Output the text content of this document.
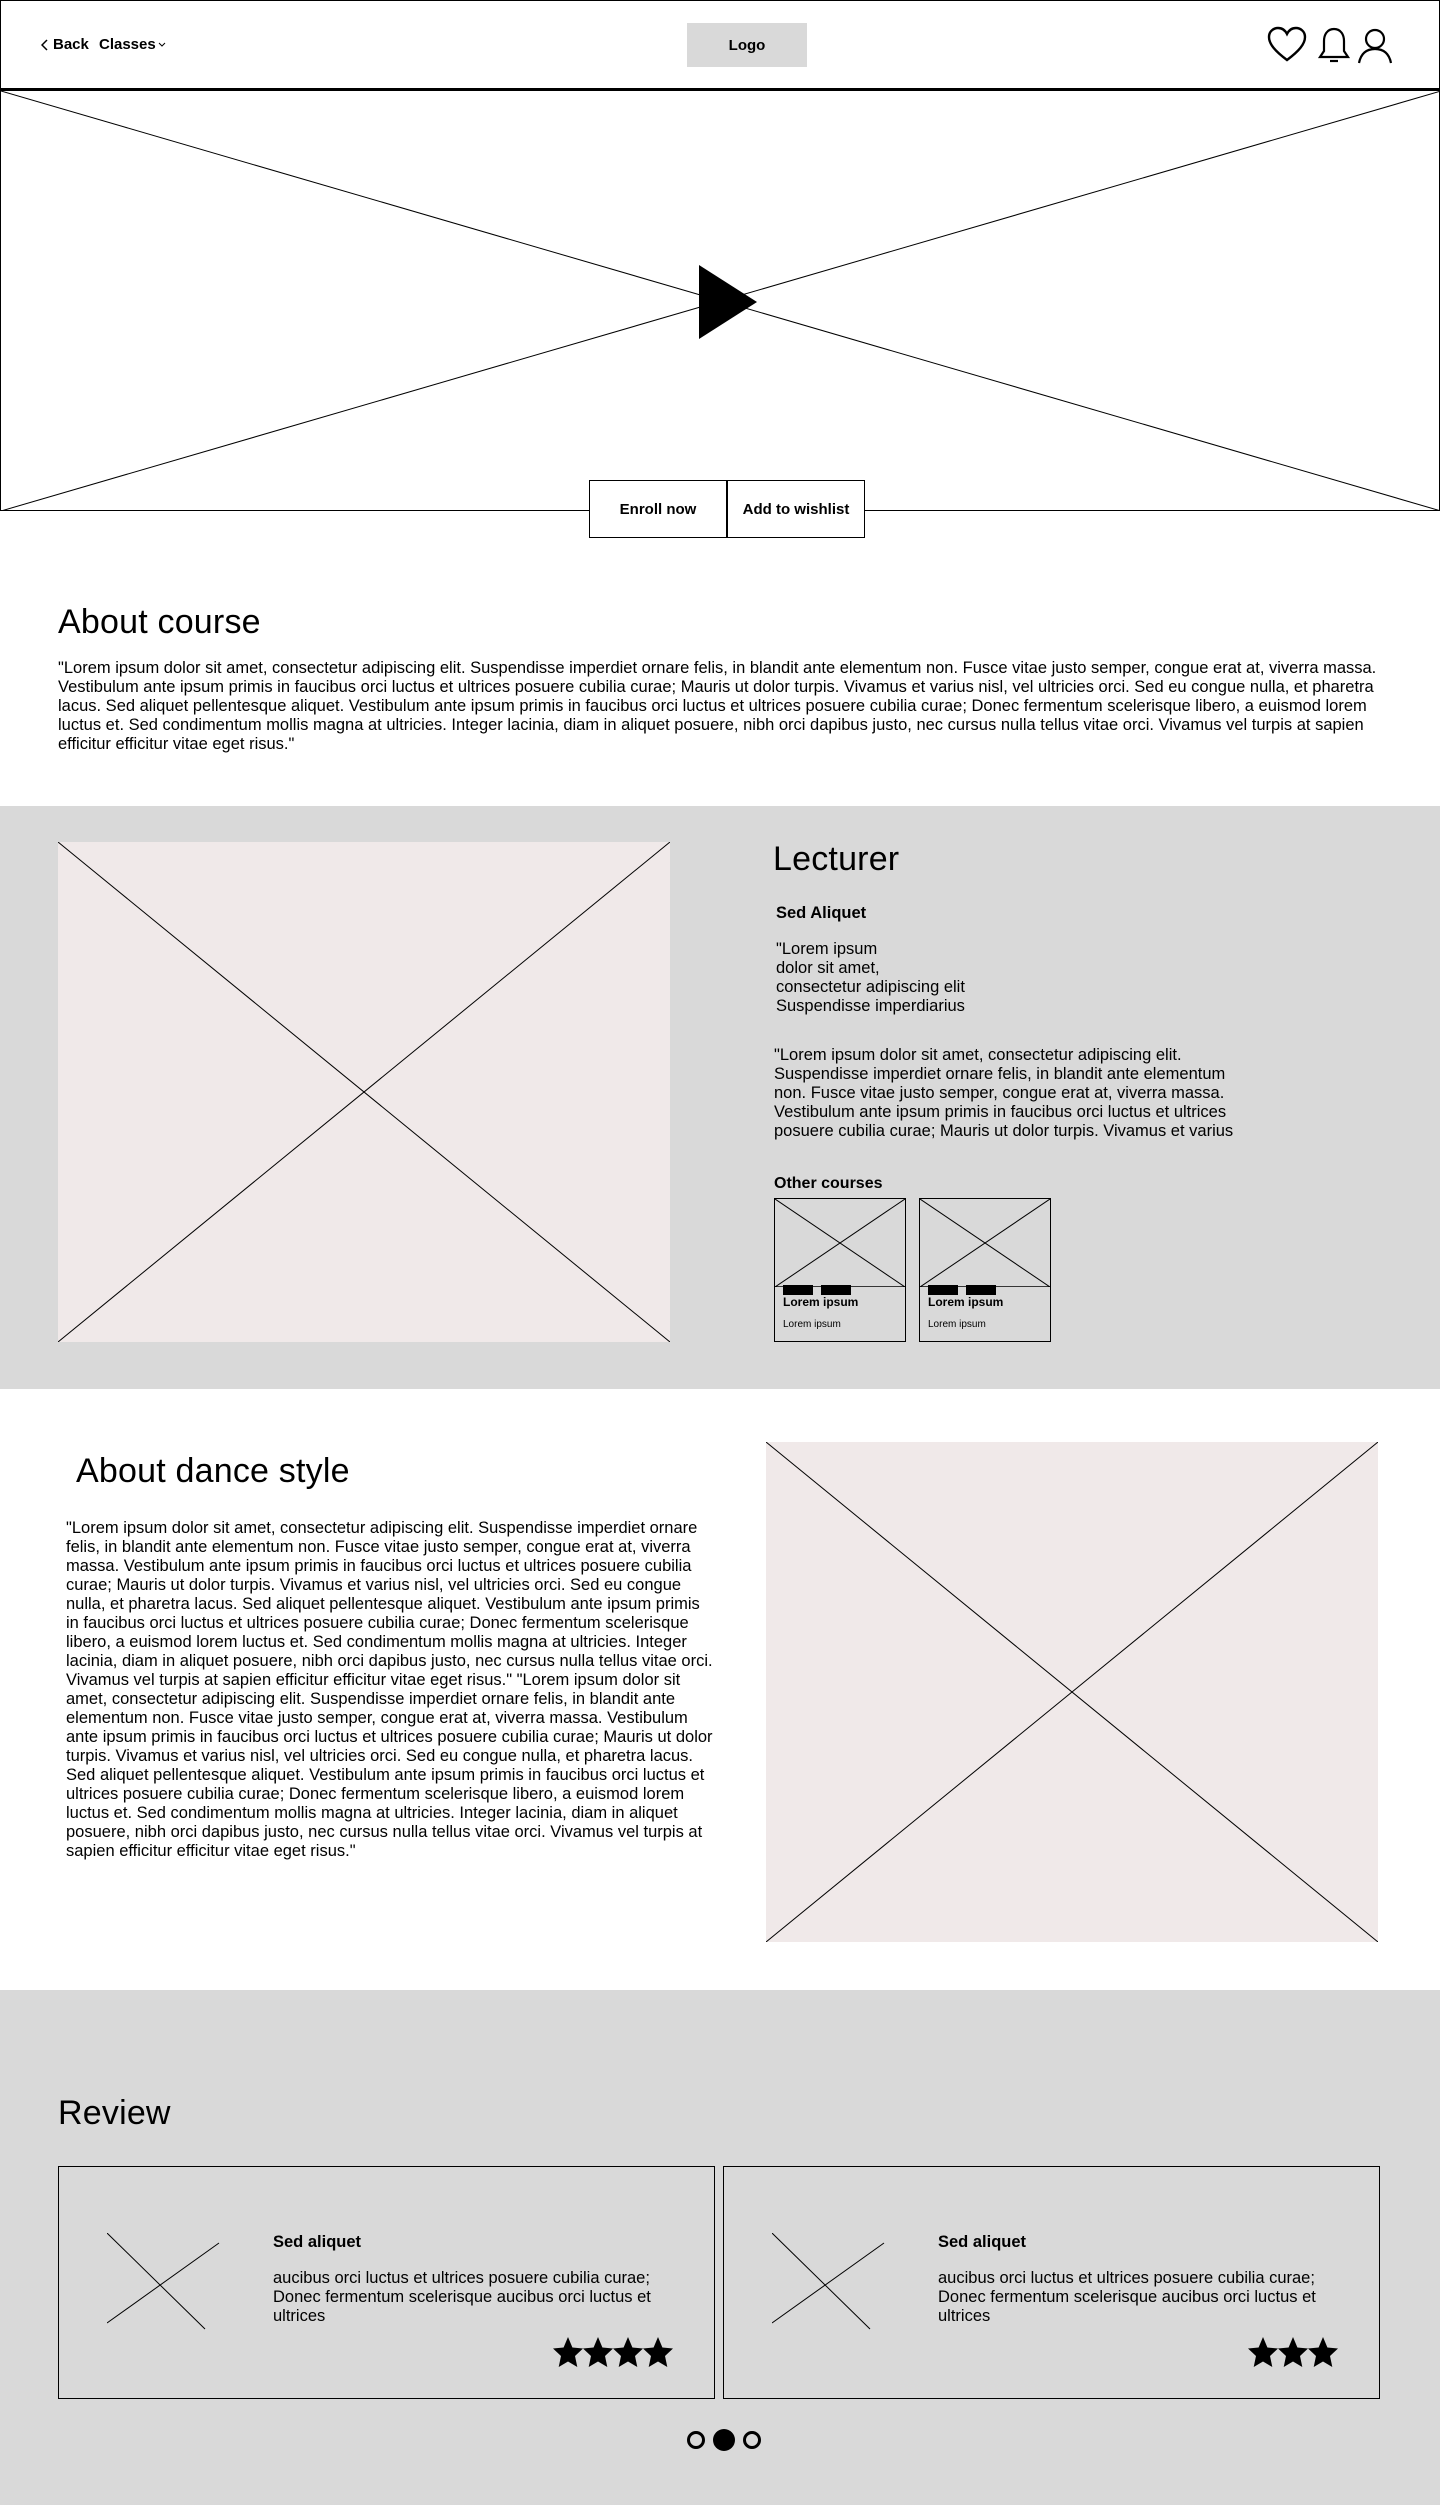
Back Classes	Logo
Enroll now	Add to wishlist
About course
"Lorem ipsum dolor sit amet, consectetur adipiscing elit. Suspendisse imperdiet ornare felis, in blandit ante elementum non. Fusce vitae justo semper, congue erat at, viverra massa. Vestibulum ante ipsum primis in faucibus orci luctus et ultrices posuere cubilia curae; Mauris ut dolor turpis. Vivamus et varius nisl, vel ultricies orci. Sed eu congue nulla, et pharetra lacus. Sed aliquet pellentesque aliquet. Vestibulum ante ipsum primis in faucibus orci luctus et ultrices posuere cubilia curae; Donec fermentum scelerisque libero, a euismod lorem luctus et. Sed condimentum mollis magna at ultricies. Integer lacinia, diam in aliquet posuere, nibh orci dapibus justo, nec cursus nulla tellus vitae orci. Vivamus vel turpis at sapien efficitur efficitur vitae eget risus."
Lecturer
Sed Aliquet
"Lorem ipsum
dolor sit amet,
consectetur adipiscing elit
Suspendisse imperdiarius
"Lorem ipsum dolor sit amet, consectetur adipiscing elit. Suspendisse imperdiet ornare felis, in blandit ante elementum non. Fusce vitae justo semper, congue erat at, viverra massa. Vestibulum ante ipsum primis in faucibus orci luctus et ultrices posuere cubilia curae; Mauris ut dolor turpis. Vivamus et varius
Other courses
Lorem ipsum
Lorem ipsum
Lorem ipsum
Lorem ipsum
About dance style
"Lorem ipsum dolor sit amet, consectetur adipiscing elit. Suspendisse imperdiet ornare felis, in blandit ante elementum non. Fusce vitae justo semper, congue erat at, viverra massa. Vestibulum ante ipsum primis in faucibus orci luctus et ultrices posuere cubilia curae; Mauris ut dolor turpis. Vivamus et varius nisl, vel ultricies orci. Sed eu congue nulla, et pharetra lacus. Sed aliquet pellentesque aliquet. Vestibulum ante ipsum primis in faucibus orci luctus et ultrices posuere cubilia curae; Donec fermentum scelerisque libero, a euismod lorem luctus et. Sed condimentum mollis magna at ultricies. Integer lacinia, diam in aliquet posuere, nibh orci dapibus justo, nec cursus nulla tellus vitae orci. Vivamus vel turpis at sapien efficitur efficitur vitae eget risus." "Lorem ipsum dolor sit amet, consectetur adipiscing elit. Suspendisse imperdiet ornare felis, in blandit ante elementum non. Fusce vitae justo semper, congue erat at, viverra massa. Vestibulum ante ipsum primis in faucibus orci luctus et ultrices posuere cubilia curae; Mauris ut dolor turpis. Vivamus et varius nisl, vel ultricies orci. Sed eu congue nulla, et pharetra lacus. Sed aliquet pellentesque aliquet. Vestibulum ante ipsum primis in faucibus orci luctus et ultrices posuere cubilia curae; Donec fermentum scelerisque libero, a euismod lorem luctus et. Sed condimentum mollis magna at ultricies. Integer lacinia, diam in aliquet posuere, nibh orci dapibus justo, nec cursus nulla tellus vitae orci. Vivamus vel turpis at sapien efficitur efficitur vitae eget risus."
Review
Sed aliquet
aucibus orci luctus et ultrices posuere cubilia curae; Donec fermentum scelerisque aucibus orci luctus et ultrices
Sed aliquet
aucibus orci luctus et ultrices posuere cubilia curae; Donec fermentum scelerisque aucibus orci luctus et ultrices
